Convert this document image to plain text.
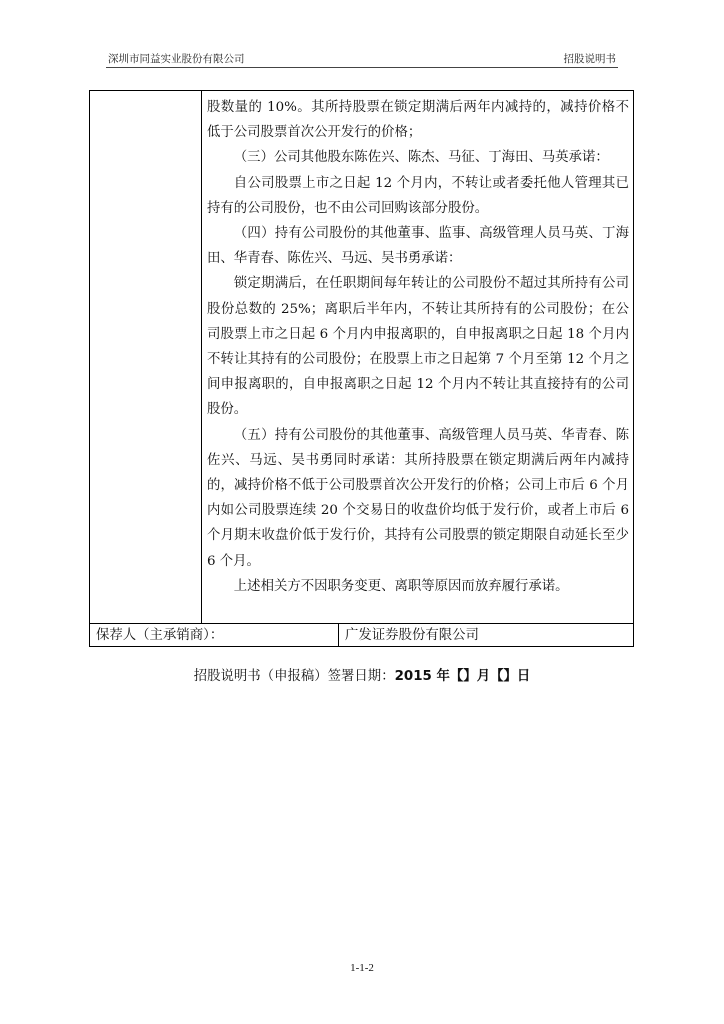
深圳市同益实业股份有限公司	招股说明书

股数量的 10%。其所持股票在锁定期满后两年内减持的，减持价格不低于公司股票首次公开发行的价格；

（三）公司其他股东陈佐兴、陈杰、马征、丁海田、马英承诺：

自公司股票上市之日起 12 个月内，不转让或者委托他人管理其已持有的公司股份，也不由公司回购该部分股份。

（四）持有公司股份的其他董事、监事、高级管理人员马英、丁海田、华青春、陈佐兴、马远、吴书勇承诺：

锁定期满后，在任职期间每年转让的公司股份不超过其所持有公司股份总数的 25%；离职后半年内，不转让其所持有的公司股份；在公司股票上市之日起 6 个月内申报离职的，自申报离职之日起 18 个月内不转让其持有的公司股份；在股票上市之日起第 7 个月至第 12 个月之间申报离职的，自申报离职之日起 12 个月内不转让其直接持有的公司股份。

（五）持有公司股份的其他董事、高级管理人员马英、华青春、陈佐兴、马远、吴书勇同时承诺：其所持股票在锁定期满后两年内减持的，减持价格不低于公司股票首次公开发行的价格；公司上市后 6 个月内如公司股票连续 20 个交易日的收盘价均低于发行价，或者上市后 6 个月期末收盘价低于发行价，其持有公司股票的锁定期限自动延长至少 6 个月。

上述相关方不因职务变更、离职等原因而放弃履行承诺。

保荐人（主承销商）：	广发证券股份有限公司
招股说明书（申报稿）签署日期：2015 年【】月【】日
1-1-2
